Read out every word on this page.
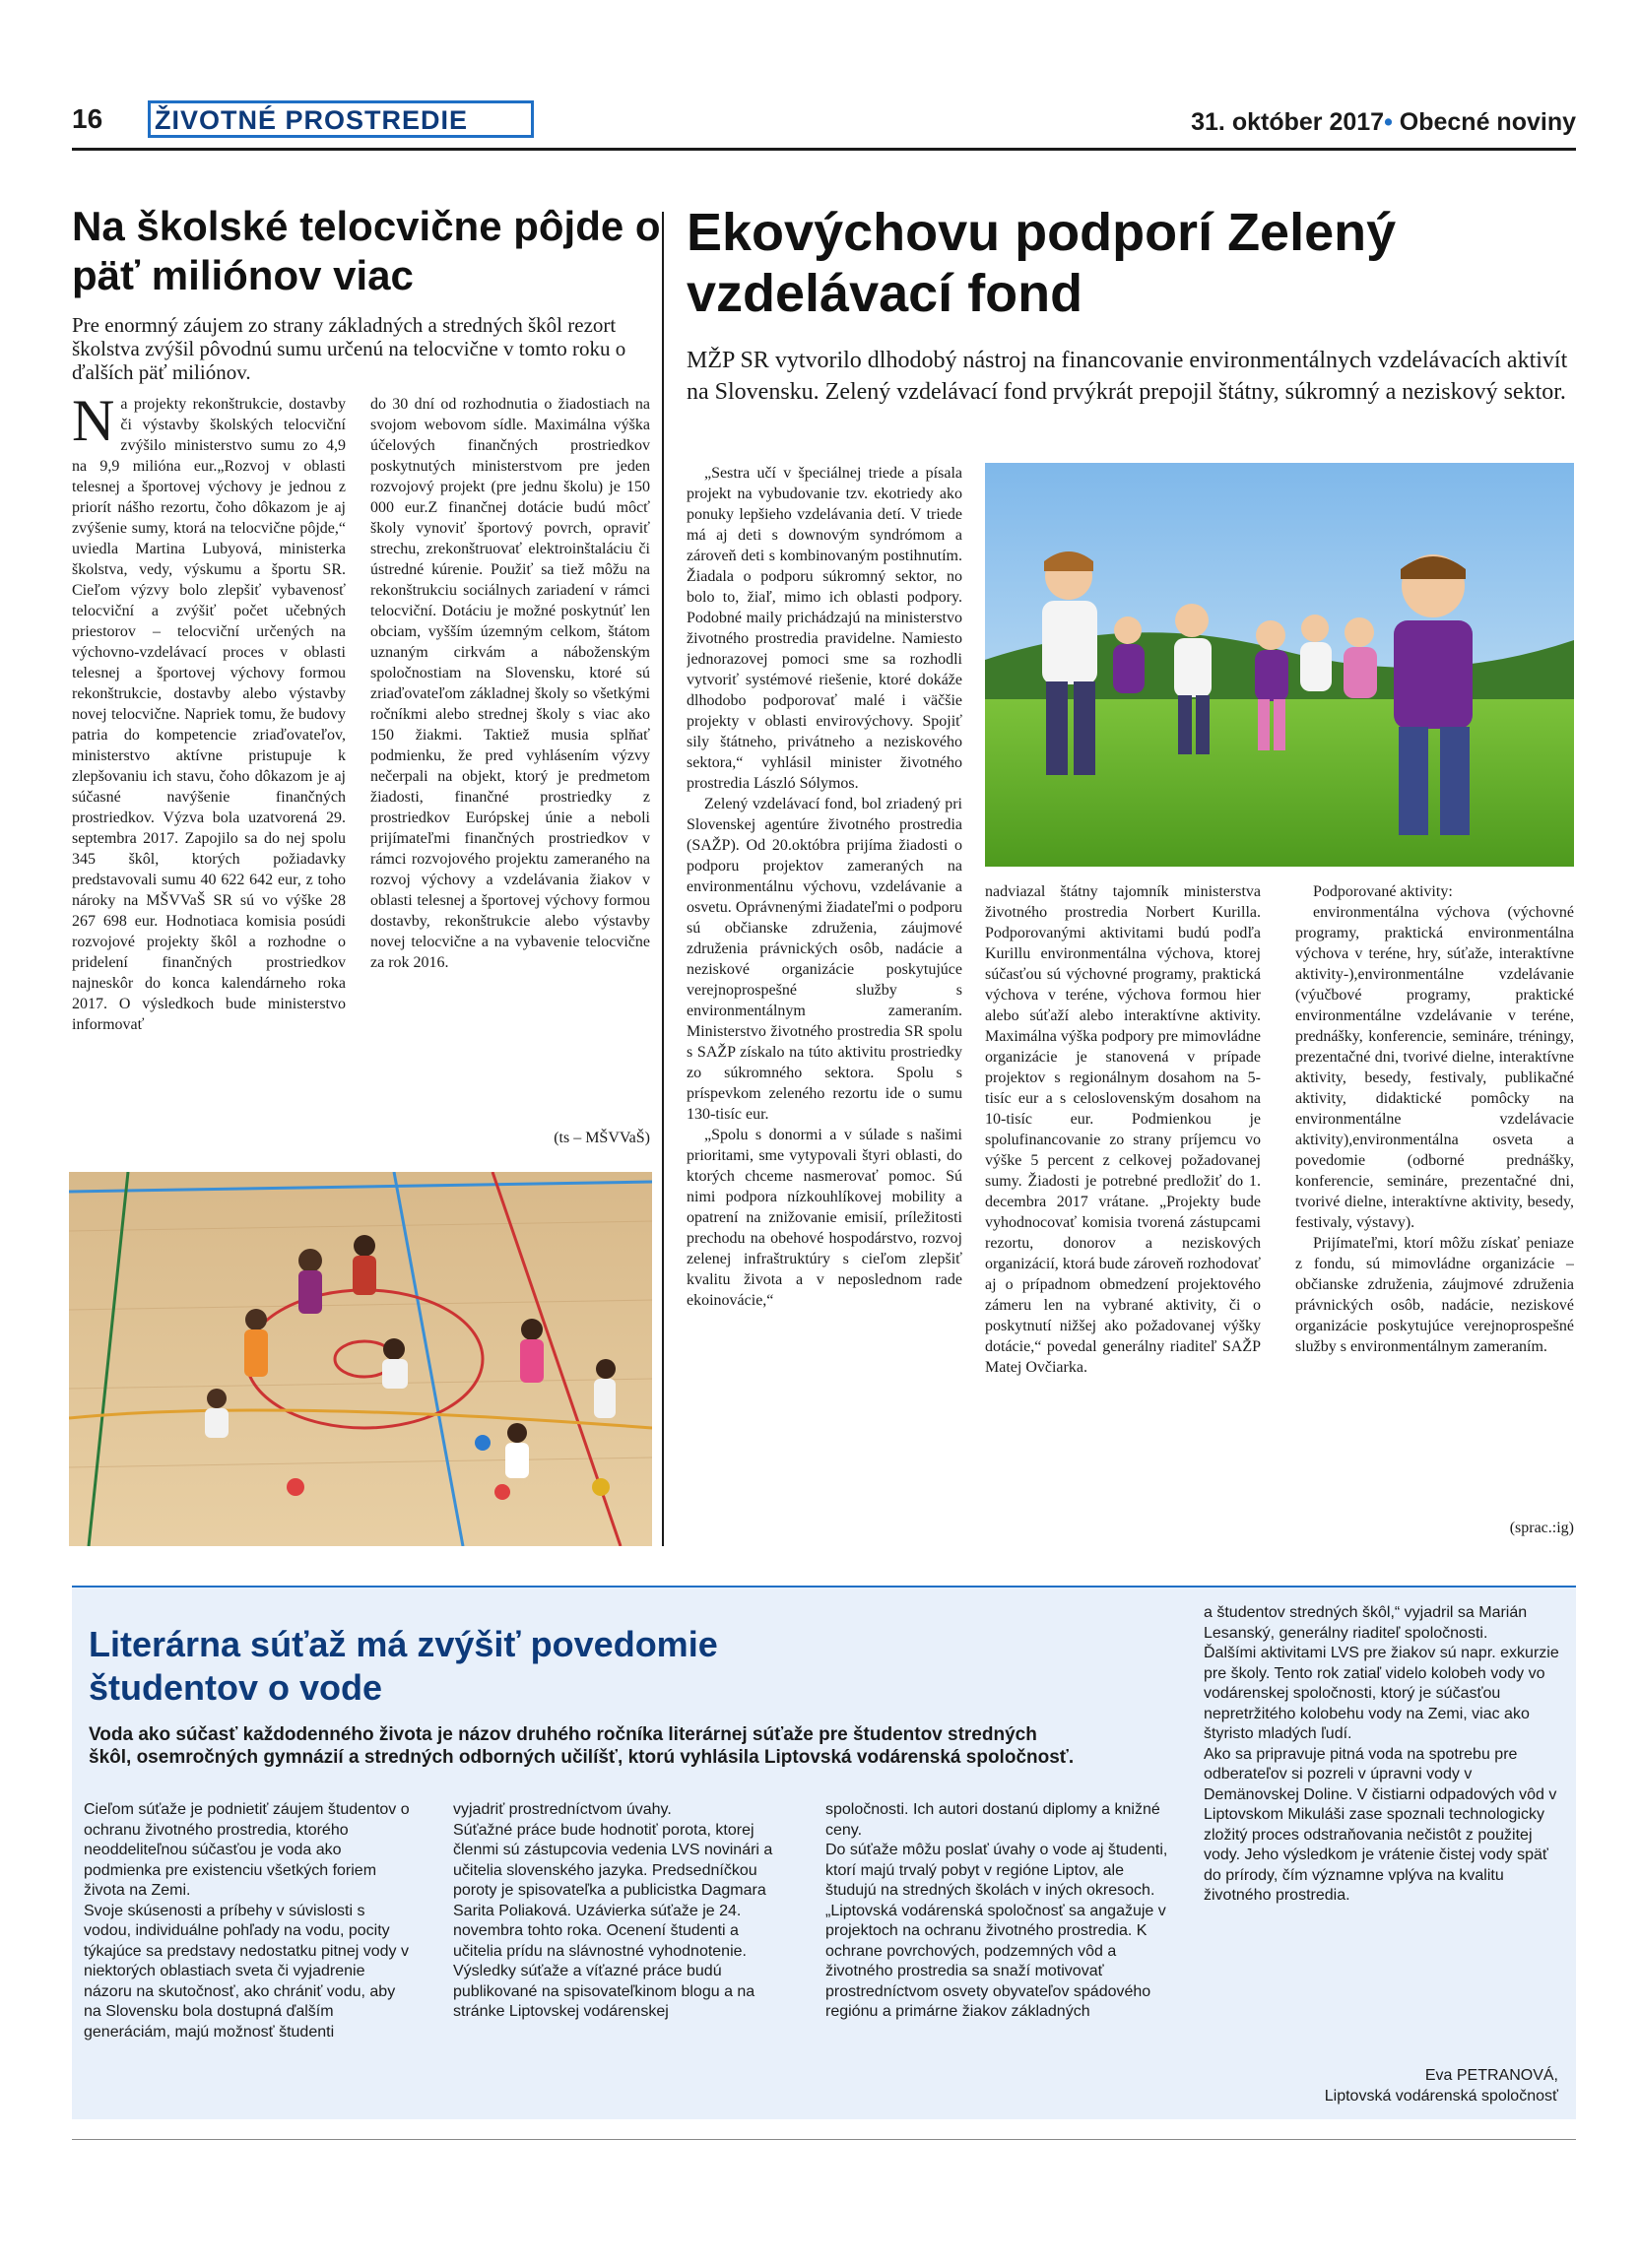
16 ŽIVOTNÉ PROSTREDIE	31. október 2017• Obecné noviny
Na školské telocvične pôjde o päť miliónov viac
Pre enormný záujem zo strany základných a stredných škôl rezort školstva zvýšil pôvodnú sumu určenú na telocvične v tomto roku o ďalších päť miliónov.

Na projekty rekonštrukcie, dostavby či výstavby školských telocviční zvýšilo ministerstvo sumu zo 4,9 na 9,9 milióna eur.„Rozvoj v oblasti telesnej a športovej výchovy je jednou z priorít nášho rezortu, čoho dôkazom je aj zvýšenie sumy, ktorá na telocvične pôjde,“ uviedla Martina Lubyová, ministerka školstva, vedy, výskumu a športu SR. Cieľom výzvy bolo zlepšiť vybavenosť telocviční a zvýšiť počet učebných priestorov – telocviční určených na výchovno-vzdelávací proces v oblasti telesnej a športovej výchovy formou rekonštrukcie, dostavby alebo výstavby novej telocvične. Napriek tomu, že budovy patria do kompetencie zriaďovateľov, ministerstvo aktívne pristupuje k zlepšovaniu ich stavu, čoho dôkazom je aj súčasné navýšenie finančných prostriedkov. Výzva bola uzatvorená 29. septembra 2017. Zapojilo sa do nej spolu 345 škôl, ktorých požiadavky predstavovali sumu 40 622 642 eur, z toho nároky na MŠVVaŠ SR sú vo výške 28 267 698 eur. Hodnotiaca komisia posúdi rozvojové projekty škôl a rozhodne o pridelení finančných prostriedkov najneskôr do konca kalendárneho roka 2017. O výsledkoch bude ministerstvo informovať

do 30 dní od rozhodnutia o žiadostiach na svojom webovom sídle. Maximálna výška účelových finančných prostriedkov poskytnutých ministerstvom pre jeden rozvojový projekt (pre jednu školu) je 150 000 eur.Z finančnej dotácie budú môcť školy vynoviť športový povrch, opraviť strechu, zrekonštruovať elektroinštaláciu či ústredné kúrenie. Použiť sa tiež môžu na rekonštrukciu sociálnych zariadení v rámci telocviční. Dotáciu je možné poskytnúť len obciam, vyšším územným celkom, štátom uznaným cirkvám a náboženským spoločnostiam na Slovensku, ktoré sú zriaďovateľom základnej školy so všetkými ročníkmi alebo strednej školy s viac ako 150 žiakmi. Taktiež musia splňať podmienku, že pred vyhlásením výzvy nečerpali na objekt, ktorý je predmetom žiadosti, finančné prostriedky z prostriedkov Európskej únie a neboli prijímateľmi finančných prostriedkov v rámci rozvojového projektu zameraného na rozvoj výchovy a vzdelávania žiakov v oblasti telesnej a športovej výchovy formou dostavby, rekonštrukcie alebo výstavby novej telocvične a na vybavenie telocvične za rok 2016.

(ts – MŠVVaŠ)
Ekovýchovu podporí Zelený vzdelávací fond
MŽP SR vytvorilo dlhodobý nástroj na financovanie environmentálnych vzdelávacích aktivít na Slovensku. Zelený vzdelávací fond prvýkrát prepojil štátny, súkromný a neziskový sektor.

„Sestra učí v špeciálnej triede a písala projekt na vybudovanie tzv. ekotriedy ako ponuky lepšieho vzdelávania detí. V triede má aj deti s downovým syndrómom a zároveň deti s kombinovaným postihnutím. Žiadala o podporu súkromný sektor, no bolo to, žiaľ, mimo ich oblasti podpory. Podobné maily prichádzajú na ministerstvo životného prostredia pravidelne. Namiesto jednorazovej pomoci sme sa rozhodli vytvoriť systémové riešenie, ktoré dokáže dlhodobo podporovať malé i väčšie projekty v oblasti envirovýchovy. Spojiť sily štátneho, privátneho a neziskového sektora,“ vyhlásil minister životného prostredia László Sólymos.

Zelený vzdelávací fond, bol zriadený pri Slovenskej agentúre životného prostredia (SAŽP). Od 20.októbra prijíma žiadosti o podporu projektov zameraných na environmentálnu výchovu, vzdelávanie a osvetu. Oprávnenými žiadateľmi o podporu sú občianske združenia, záujmové združenia právnických osôb, nadácie a neziskové organizácie poskytujúce verejnoprospešné služby s environmentálnym zameraním. Ministerstvo životného prostredia SR spolu s SAŽP získalo na túto aktivitu prostriedky zo súkromného sektora. Spolu s príspevkom zeleného rezortu ide o sumu 130-tisíc eur.

„Spolu s donormi a v súlade s našimi prioritami, sme vytypovali štyri oblasti, do ktorých chceme nasmerovať pomoc. Sú nimi podpora nízkouhlíkovej mobility a opatrení na znižovanie emisií, príležitosti prechodu na obehové hospodárstvo, rozvoj zelenej infraštruktúry s cieľom zlepšiť kvalitu života a v neposlednom rade ekoinovácie,“

nadviazal štátny tajomník ministerstva životného prostredia Norbert Kurilla. Podporovanými aktivitami budú podľa Kurillu environmentálna výchova, ktorej súčasťou sú výchovné programy, praktická výchova v teréne, výchova formou hier alebo súťaží alebo interaktívne aktivity. Maximálna výška podpory pre mimovládne organizácie je stanovená v prípade projektov s regionálnym dosahom na 5-tisíc eur a s celoslovenským dosahom na 10-tisíc eur. Podmienkou je spolufinancovanie zo strany príjemcu vo výške 5 percent z celkovej požadovanej sumy. Žiadosti je potrebné predložiť do 1. decembra 2017 vrátane. „Projekty bude vyhodnocovať komisia tvorená zástupcami rezortu, donorov a neziskových organizácií, ktorá bude zároveň rozhodovať aj o prípadnom obmedzení projektového zámeru len na vybrané aktivity, či o poskytnutí nižšej ako požadovanej výšky dotácie,“ povedal generálny riaditeľ SAŽP Matej Ovčiarka.

Podporované aktivity:

environmentálna výchova (výchovné programy, praktická environmentálna výchova v teréne, hry, súťaže, interaktívne aktivity-),environmentálne vzdelávanie (výučbové programy, praktické environmentálne vzdelávanie v teréne, prednášky, konferencie, semináre, tréningy, prezentačné dni, tvorivé dielne, interaktívne aktivity, besedy, festivaly, publikačné aktivity, didaktické pomôcky na environmentálne vzdelávacie aktivity),environmentálna osveta a povedomie (odborné prednášky, konferencie, semináre, prezentačné dni, tvorivé dielne, interaktívne aktivity, besedy, festivaly, výstavy).

Prijímateľmi, ktorí môžu získať peniaze z fondu, sú mimovládne organizácie – občianske združenia, záujmové združenia právnických osôb, nadácie, neziskové organizácie poskytujúce verejnoprospešné služby s environmentálnym zameraním.

(sprac.:ig)
Literárna súťaž má zvýšiť povedomie študentov o vode
Voda ako súčasť každodenného života je názov druhého ročníka literárnej súťaže pre študentov stredných škôl, osemročných gymnázií a stredných odborných učilíšť, ktorú vyhlásila Liptovská vodárenská spoločnosť.

Cieľom súťaže je podnietiť záujem študentov o ochranu životného prostredia, ktorého neoddeliteľnou súčasťou je voda ako podmienka pre existenciu všetkých foriem života na Zemi.

Svoje skúsenosti a príbehy v súvislosti s vodou, individuálne pohľady na vodu, pocity týkajúce sa predstavy nedostatku pitnej vody v niektorých oblastiach sveta či vyjadrenie názoru na skutočnosť, ako chrániť vodu, aby na Slovensku bola dostupná ďalším generáciám, majú možnosť študenti

vyjadriť prostredníctvom úvahy.

Súťažné práce bude hodnotiť porota, ktorej členmi sú zástupcovia vedenia LVS novinári a učitelia slovenského jazyka. Predsedníčkou poroty je spisovateľka a publicistka Dagmara Sarita Poliaková. Uzávierka súťaže je 24. novembra tohto roka. Ocenení študenti a učitelia prídu na slávnostné vyhodnotenie.

Výsledky súťaže a víťazné práce budú publikované na spisovateľkinom blogu a na stránke Liptovskej vodárenskej

spoločnosti. Ich autori dostanú diplomy a knižné ceny.

Do súťaže môžu poslať úvahy o vode aj študenti, ktorí majú trvalý pobyt v regióne Liptov, ale študujú na stredných školách v iných okresoch.

„Liptovská vodárenská spoločnosť sa angažuje v projektoch na ochranu životného prostredia. K ochrane povrchových, podzemných vôd a životného prostredia sa snaží motivovať prostredníctvom osvety obyvateľov spádového regiónu a primárne žiakov základných

a študentov stredných škôl,“ vyjadril sa Marián Lesanský, generálny riaditeľ spoločnosti.

Ďalšími aktivitami LVS pre žiakov sú napr. exkurzie pre školy. Tento rok zatiaľ videlo kolobeh vody vo vodárenskej spoločnosti, ktorý je súčasťou nepretržitého kolobehu vody na Zemi, viac ako štyristo mladých ľudí.

Ako sa pripravuje pitná voda na spotrebu pre odberateľov si pozreli v úpravni vody v Demänovskej Doline. V čistiarni odpadových vôd v Liptovskom Mikuláši zase spoznali technologicky zložitý proces odstraňovania nečistôt z použitej vody. Jeho výsledkom je vrátenie čistej vody späť do prírody, čím významne vplýva na kvalitu životného prostredia.

Eva PETRANOVÁ,
Liptovská vodárenská spoločnosť
